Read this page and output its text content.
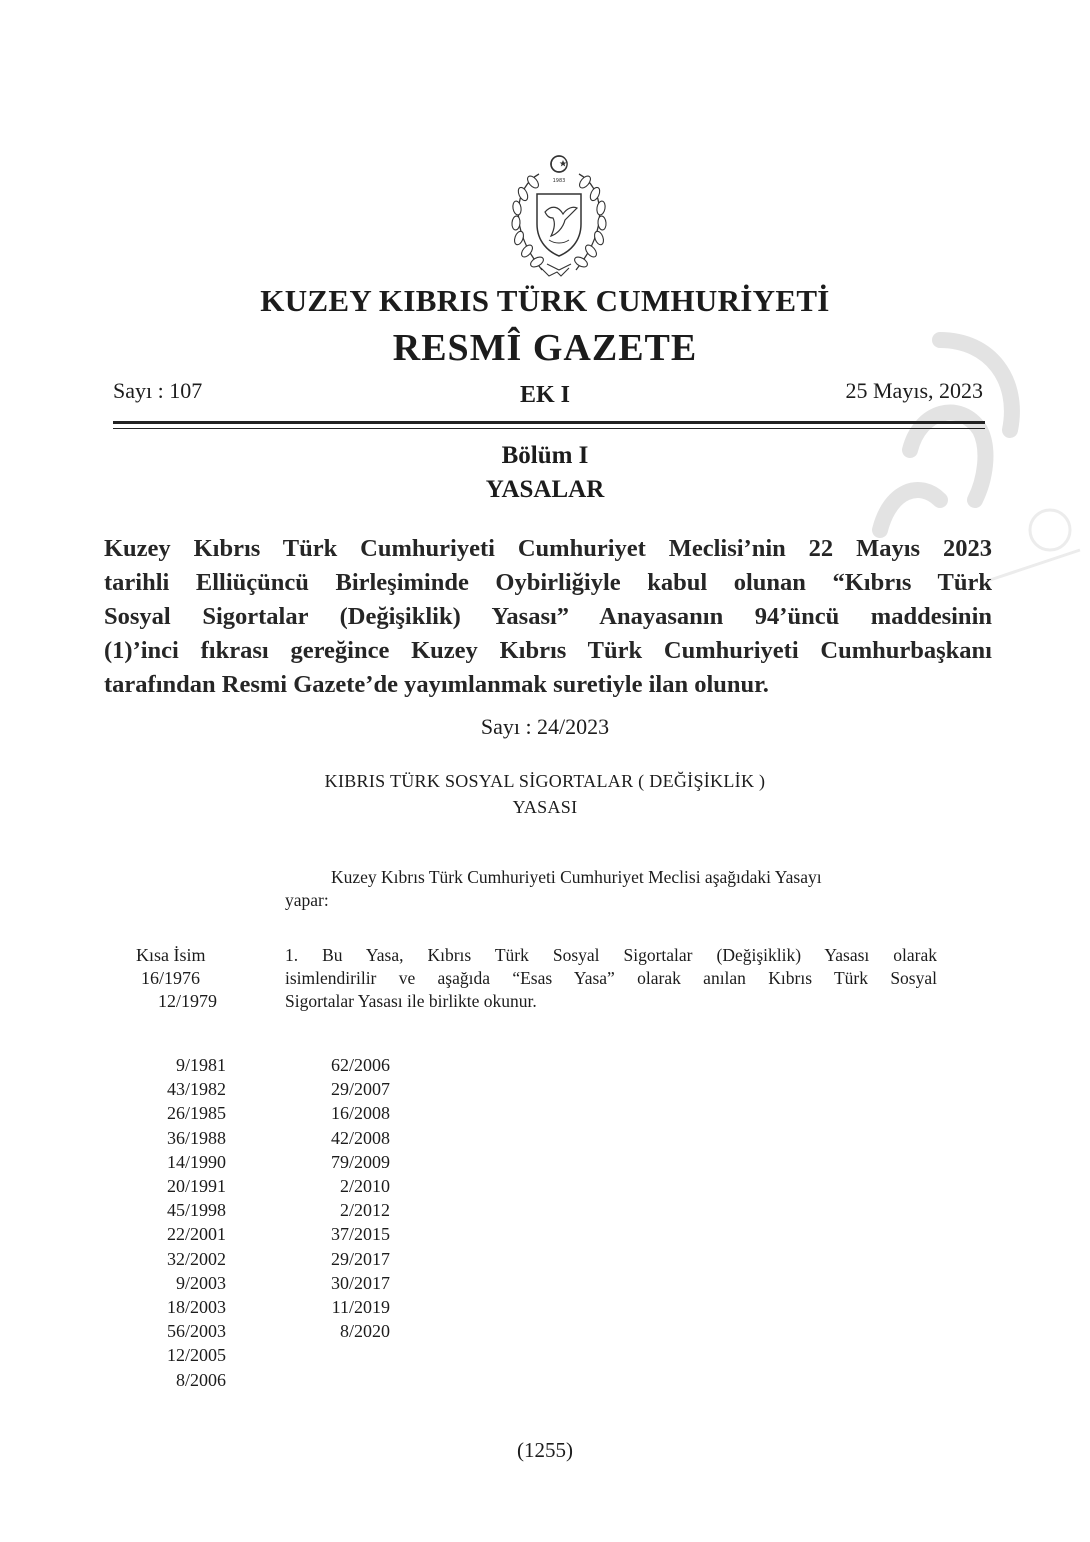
1983
KUZEY KIBRIS TÜRK CUMHURİYETİ
RESMÎ GAZETE
Sayı : 107	EK I	25 Mayıs, 2023
Bölüm I
YASALAR
Kuzey Kıbrıs Türk Cumhuriyeti Cumhuriyet Meclisi’nin 22 Mayıs 2023
tarihli Elliüçüncü Birleşiminde Oybirliğiyle kabul olunan “Kıbrıs Türk
Sosyal Sigortalar (Değişiklik) Yasası” Anayasanın 94’üncü maddesinin
(1)’inci fıkrası gereğince Kuzey Kıbrıs Türk Cumhuriyeti Cumhurbaşkanı
tarafından Resmi Gazete’de yayımlanmak suretiyle ilan olunur.
Sayı : 24/2023
KIBRIS TÜRK SOSYAL SİGORTALAR ( DEĞİŞİKLİK )
YASASI
Kuzey Kıbrıs Türk Cumhuriyeti Cumhuriyet Meclisi aşağıdaki Yasayı
yapar:
Kısa İsim
16/1976
12/1979
1. Bu Yasa, Kıbrıs Türk Sosyal Sigortalar (Değişiklik) Yasası olarak
isimlendirilir ve aşağıda “Esas Yasa” olarak anılan Kıbrıs Türk Sosyal
Sigortalar Yasası ile birlikte okunur.
9/1981
43/1982
26/1985
36/1988
14/1990
20/1991
45/1998
22/2001
32/2002
9/2003
18/2003
56/2003
12/2005
8/2006
62/2006
29/2007
16/2008
42/2008
79/2009
2/2010
2/2012
37/2015
29/2017
30/2017
11/2019
8/2020
(1255)
